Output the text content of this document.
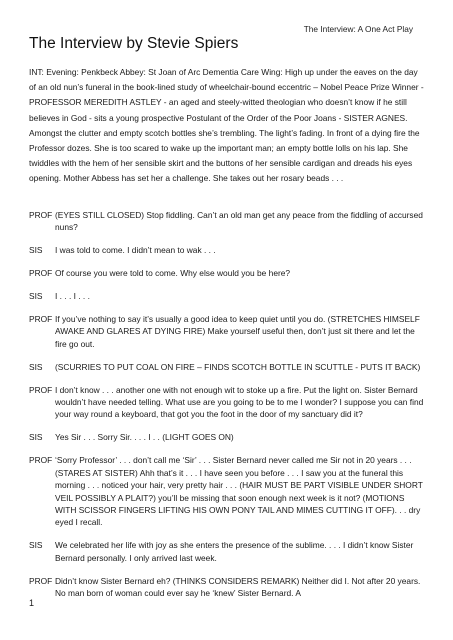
The Interview: A One Act Play
The Interview by Stevie Spiers

INT: Evening: Penkbeck Abbey: St Joan of Arc Dementia Care Wing: High up under the eaves on the day of an old nun’s funeral in the book-lined study of wheelchair-bound eccentric – Nobel Peace Prize Winner - PROFESSOR MEREDITH ASTLEY - an aged and steely-witted theologian who doesn’t know if he still believes in God - sits a young prospective Postulant of the Order of the Poor Joans - SISTER AGNES. Amongst the clutter and empty scotch bottles she’s trembling. The light’s fading. In front of a dying fire the Professor dozes. She is too scared to wake up the important man; an empty bottle lolls on his lap. She twiddles with the hem of her sensible skirt and the buttons of her sensible cardigan and dreads his eyes opening. Mother Abbess has set her a challenge. She takes out her rosary beads . . .

PROF (EYES STILL CLOSED) Stop fiddling. Can’t an old man get any peace from the fiddling of accursed nuns?
SIS	I was told to come. I didn’t mean to wak . . .
PROF Of course you were told to come. Why else would you be here?
SIS	I . . . I . . .
PROF If you’ve nothing to say it’s usually a good idea to keep quiet until you do. (STRETCHES HIMSELF AWAKE AND GLARES AT DYING FIRE) Make yourself useful then, don’t just sit there and let the fire go out.
SIS	(SCURRIES TO PUT COAL ON FIRE – FINDS SCOTCH BOTTLE IN SCUTTLE - PUTS IT BACK)
PROF I don’t know . . . another one with not enough wit to stoke up a fire. Put the light on. Sister Bernard wouldn’t have needed telling. What use are you going to be to me I wonder? I suppose you can find your way round a keyboard, that got you the foot in the door of my sanctuary did it?
SIS	Yes Sir . . . Sorry Sir. . . . I . . (LIGHT GOES ON)
PROF ‘Sorry Professor’ . . . don’t call me ‘Sir’ . . . Sister Bernard never called me Sir not in 20 years . . . (STARES AT SISTER) Ahh that’s it . . . I have seen you before . . . I saw you at the funeral this morning . . . noticed your hair, very pretty hair . . . (HAIR MUST BE PART VISIBLE UNDER SHORT VEIL POSSIBLY A PLAIT?) you’ll be missing that soon enough next week is it not? (MOTIONS WITH SCISSOR FINGERS LIFTING HIS OWN PONY TAIL AND MIMES CUTTING IT OFF). . . dry eyed I recall.
SIS	We celebrated her life with joy as she enters the presence of the sublime. . . . I didn’t know Sister Bernard personally. I only arrived last week.
PROF Didn’t know Sister Bernard eh? (THINKS CONSIDERS REMARK) Neither did I. Not after 20 years. No man born of woman could ever say he ‘knew’ Sister Bernard. A
1
